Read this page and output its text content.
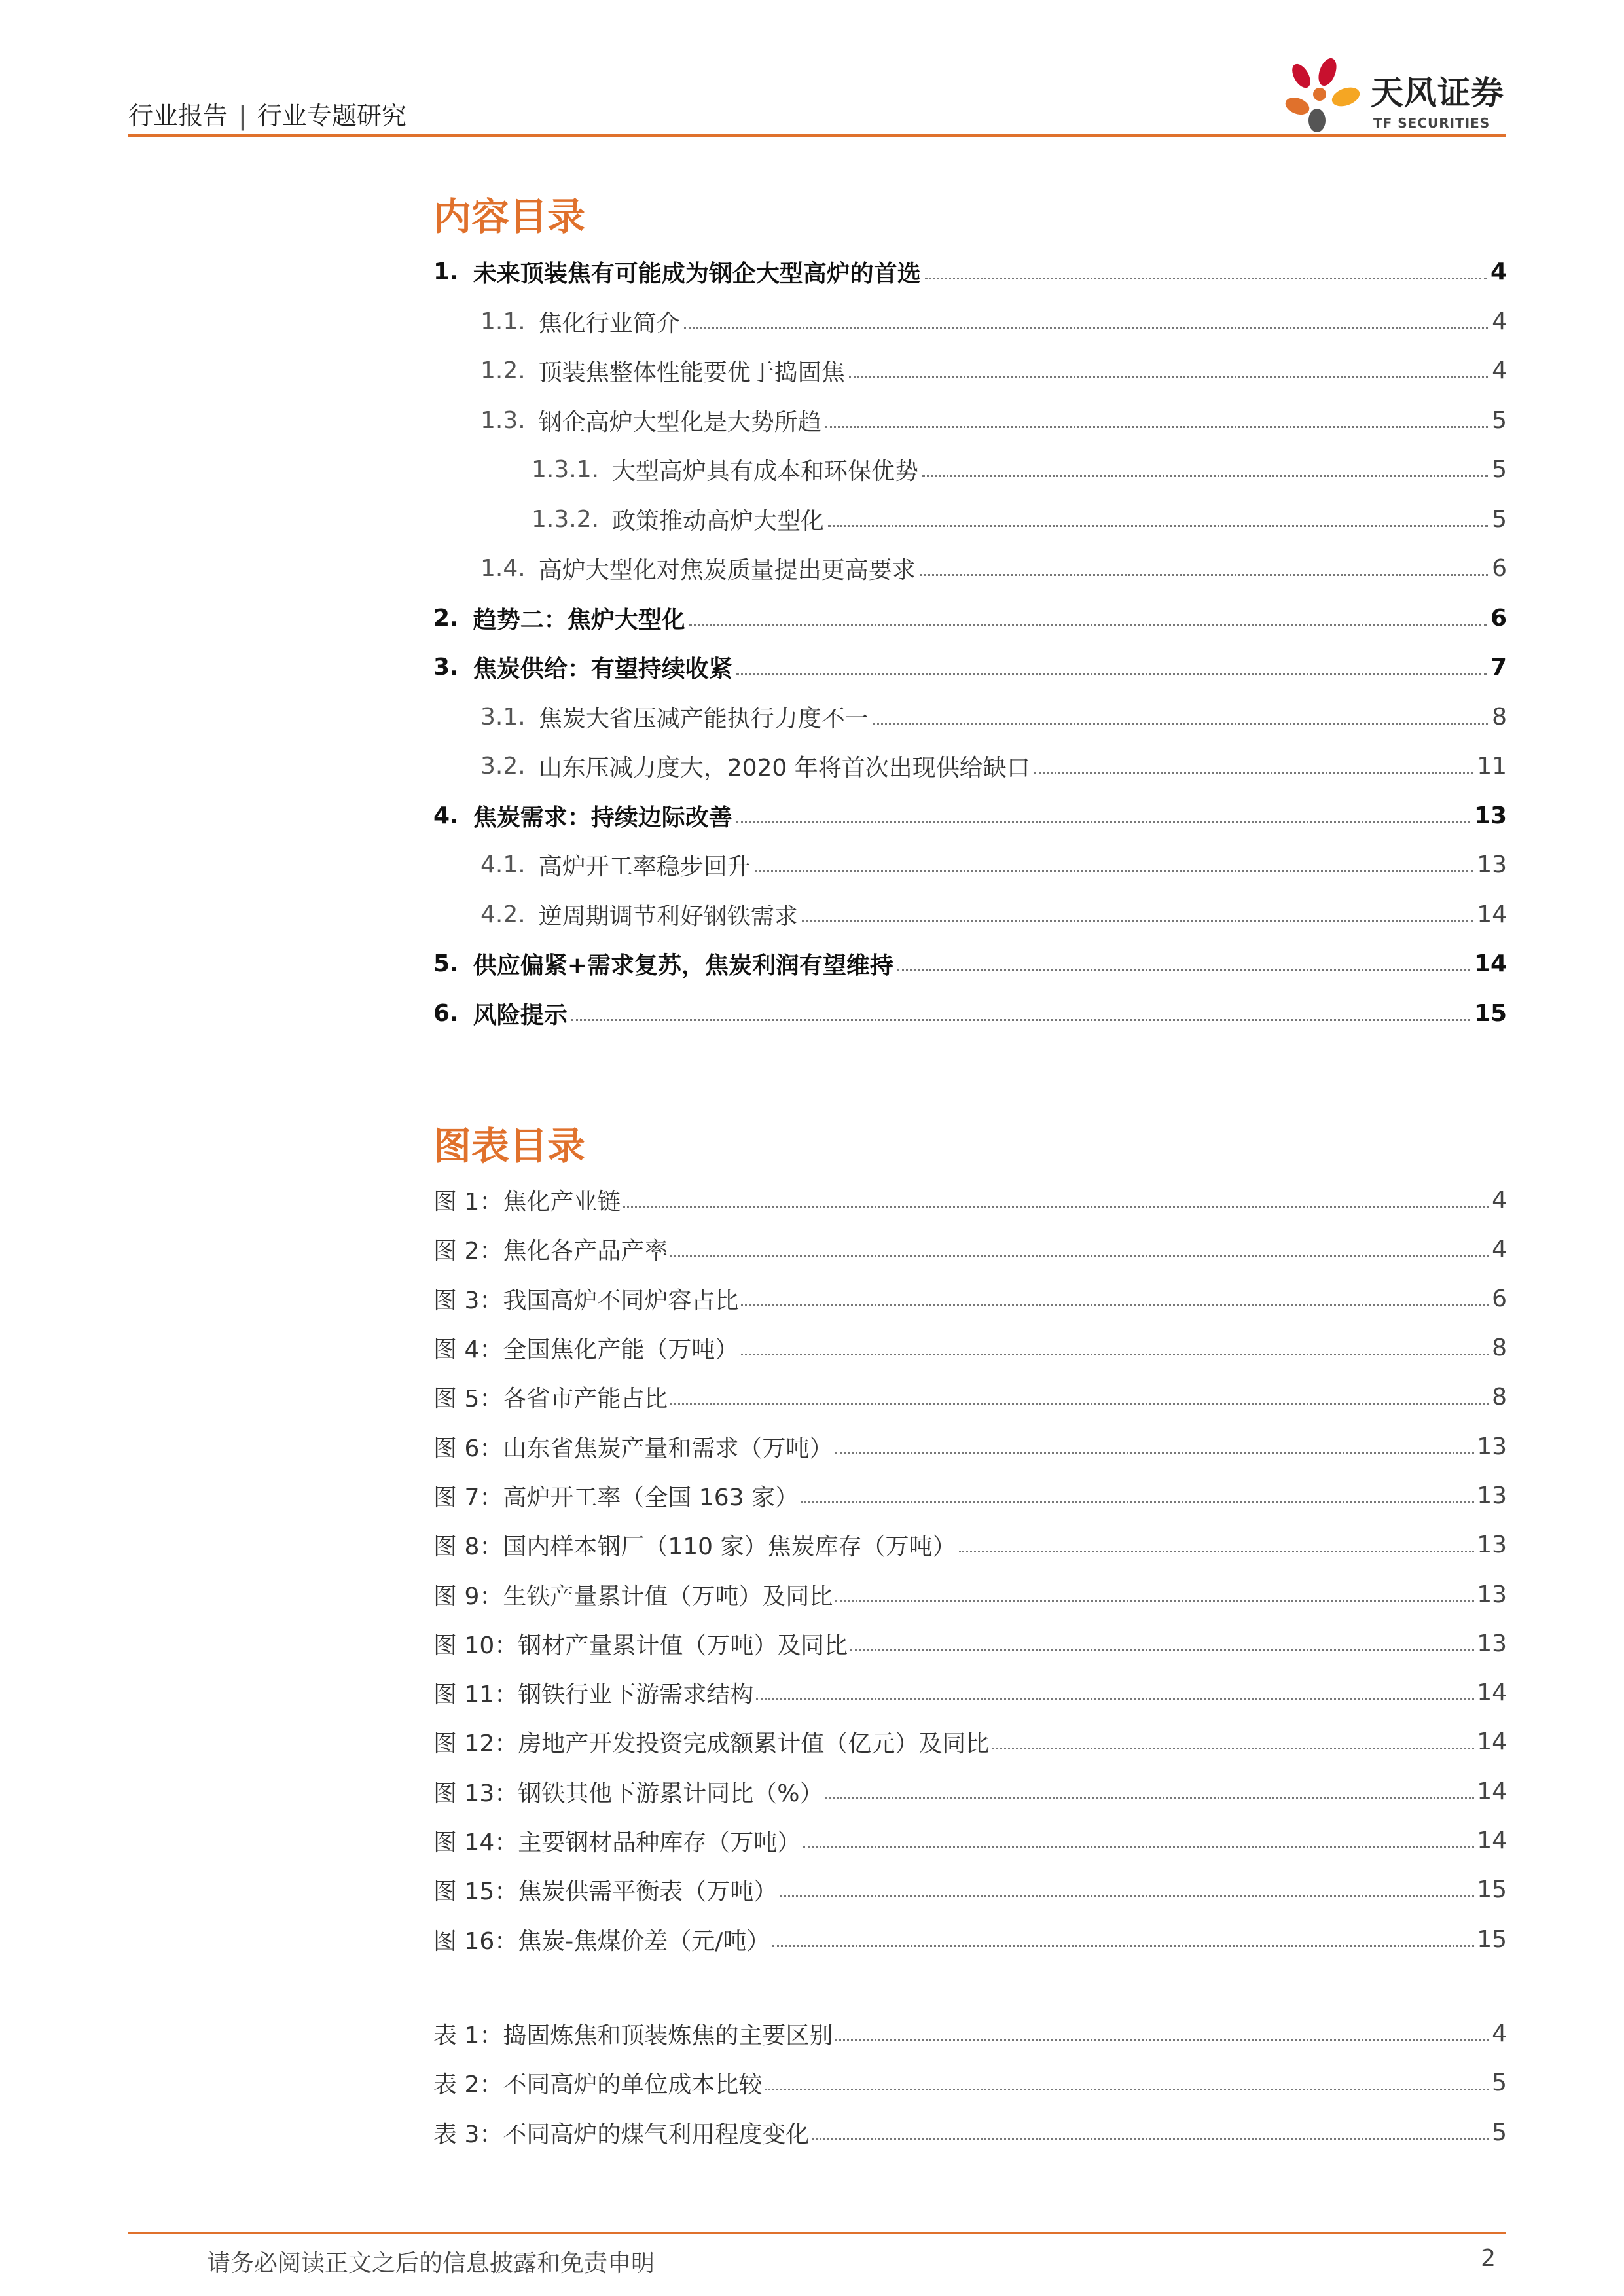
行业报告 | 行业专题研究
天风证券
TF SECURITIES
内容目录
1. 未来顶装焦有可能成为钢企大型高炉的首选	4
1.1. 焦化行业简介	4
1.2. 顶装焦整体性能要优于捣固焦	4
1.3. 钢企高炉大型化是大势所趋	5
1.3.1. 大型高炉具有成本和环保优势	5
1.3.2. 政策推动高炉大型化	5
1.4. 高炉大型化对焦炭质量提出更高要求	6
2. 趋势二：焦炉大型化	6
3. 焦炭供给：有望持续收紧	7
3.1. 焦炭大省压减产能执行力度不一	8
3.2. 山东压减力度大，2020 年将首次出现供给缺口	11
4. 焦炭需求：持续边际改善	13
4.1. 高炉开工率稳步回升	13
4.2. 逆周期调节利好钢铁需求	14
5. 供应偏紧+需求复苏，焦炭利润有望维持	14
6. 风险提示	15
图表目录
图 1：焦化产业链	4
图 2：焦化各产品产率	4
图 3：我国高炉不同炉容占比	6
图 4：全国焦化产能（万吨）	8
图 5：各省市产能占比	8
图 6：山东省焦炭产量和需求（万吨）	13
图 7：高炉开工率（全国 163 家）	13
图 8：国内样本钢厂（110 家）焦炭库存（万吨）	13
图 9：生铁产量累计值（万吨）及同比	13
图 10：钢材产量累计值（万吨）及同比	13
图 11：钢铁行业下游需求结构	14
图 12：房地产开发投资完成额累计值（亿元）及同比	14
图 13：钢铁其他下游累计同比（%）	14
图 14：主要钢材品种库存（万吨）	14
图 15：焦炭供需平衡表（万吨）	15
图 16：焦炭-焦煤价差（元/吨）	15
表 1：捣固炼焦和顶装炼焦的主要区别	4
表 2：不同高炉的单位成本比较	5
表 3：不同高炉的煤气利用程度变化	5
请务必阅读正文之后的信息披露和免责申明	2
